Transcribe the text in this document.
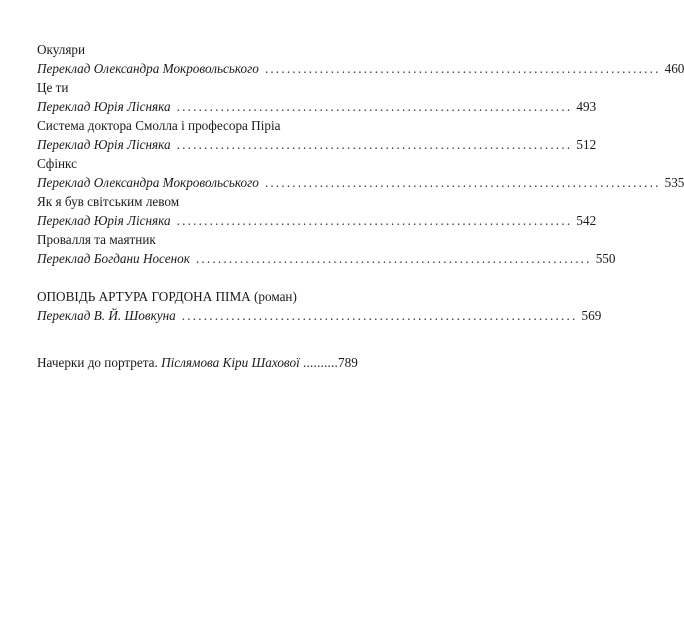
Окуляри
Переклад Олександра Мокровольського ........................................................................ 460
Це ти
Переклад Юрія Лісняка ........................................................................ 493
Система доктора Смолла і професора Піріа
Переклад Юрія Лісняка ........................................................................ 512
Сфінкс
Переклад Олександра Мокровольського ........................................................................ 535
Як я був світським левом
Переклад Юрія Лісняка ........................................................................ 542
Провалля та маятник
Переклад Богдани Носенок ........................................................................ 550
ОПОВІДЬ АРТУРА ГОРДОНА ПІМА (роман)
Переклад В. Й. Шовкуна ........................................................................ 569
Начерки до портрета. Післямова Кіри Шахової ..........789
